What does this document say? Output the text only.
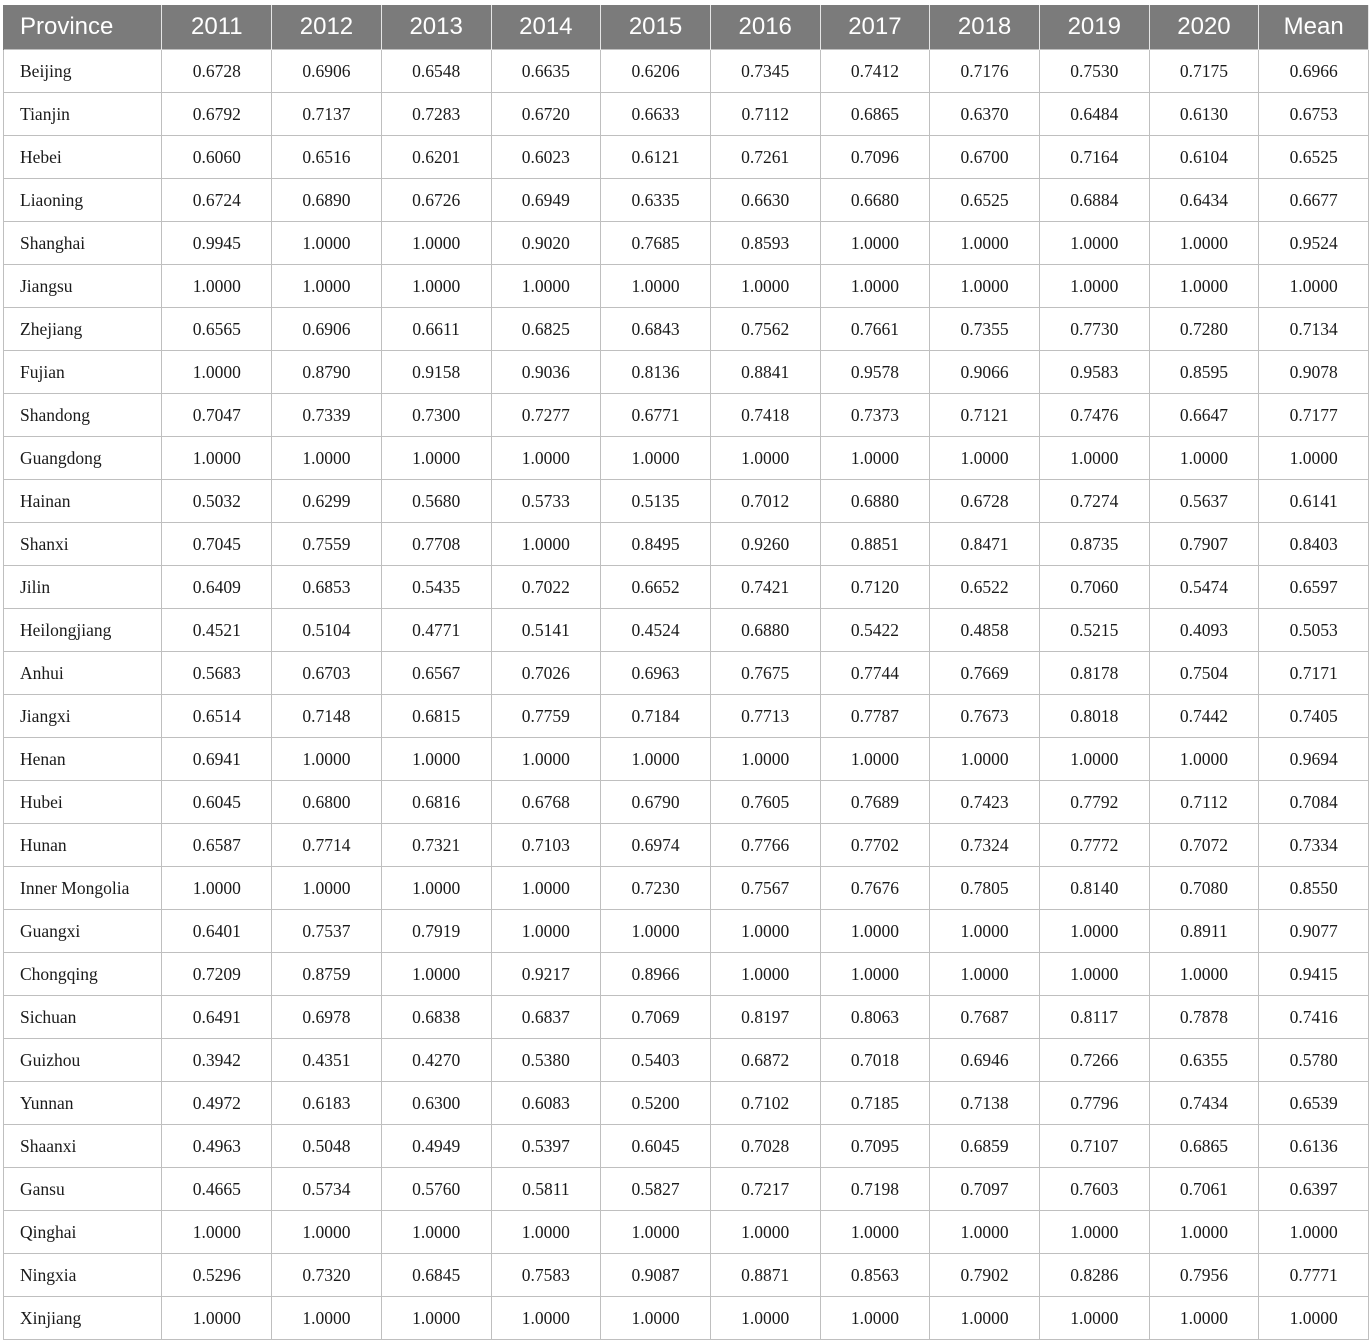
Province	2011	2012	2013	2014	2015	2016	2017	2018	2019	2020	Mean
Beijing	0.6728	0.6906	0.6548	0.6635	0.6206	0.7345	0.7412	0.7176	0.7530	0.7175	0.6966
Tianjin	0.6792	0.7137	0.7283	0.6720	0.6633	0.7112	0.6865	0.6370	0.6484	0.6130	0.6753
Hebei	0.6060	0.6516	0.6201	0.6023	0.6121	0.7261	0.7096	0.6700	0.7164	0.6104	0.6525
Liaoning	0.6724	0.6890	0.6726	0.6949	0.6335	0.6630	0.6680	0.6525	0.6884	0.6434	0.6677
Shanghai	0.9945	1.0000	1.0000	0.9020	0.7685	0.8593	1.0000	1.0000	1.0000	1.0000	0.9524
Jiangsu	1.0000	1.0000	1.0000	1.0000	1.0000	1.0000	1.0000	1.0000	1.0000	1.0000	1.0000
Zhejiang	0.6565	0.6906	0.6611	0.6825	0.6843	0.7562	0.7661	0.7355	0.7730	0.7280	0.7134
Fujian	1.0000	0.8790	0.9158	0.9036	0.8136	0.8841	0.9578	0.9066	0.9583	0.8595	0.9078
Shandong	0.7047	0.7339	0.7300	0.7277	0.6771	0.7418	0.7373	0.7121	0.7476	0.6647	0.7177
Guangdong	1.0000	1.0000	1.0000	1.0000	1.0000	1.0000	1.0000	1.0000	1.0000	1.0000	1.0000
Hainan	0.5032	0.6299	0.5680	0.5733	0.5135	0.7012	0.6880	0.6728	0.7274	0.5637	0.6141
Shanxi	0.7045	0.7559	0.7708	1.0000	0.8495	0.9260	0.8851	0.8471	0.8735	0.7907	0.8403
Jilin	0.6409	0.6853	0.5435	0.7022	0.6652	0.7421	0.7120	0.6522	0.7060	0.5474	0.6597
Heilongjiang	0.4521	0.5104	0.4771	0.5141	0.4524	0.6880	0.5422	0.4858	0.5215	0.4093	0.5053
Anhui	0.5683	0.6703	0.6567	0.7026	0.6963	0.7675	0.7744	0.7669	0.8178	0.7504	0.7171
Jiangxi	0.6514	0.7148	0.6815	0.7759	0.7184	0.7713	0.7787	0.7673	0.8018	0.7442	0.7405
Henan	0.6941	1.0000	1.0000	1.0000	1.0000	1.0000	1.0000	1.0000	1.0000	1.0000	0.9694
Hubei	0.6045	0.6800	0.6816	0.6768	0.6790	0.7605	0.7689	0.7423	0.7792	0.7112	0.7084
Hunan	0.6587	0.7714	0.7321	0.7103	0.6974	0.7766	0.7702	0.7324	0.7772	0.7072	0.7334
Inner Mongolia	1.0000	1.0000	1.0000	1.0000	0.7230	0.7567	0.7676	0.7805	0.8140	0.7080	0.8550
Guangxi	0.6401	0.7537	0.7919	1.0000	1.0000	1.0000	1.0000	1.0000	1.0000	0.8911	0.9077
Chongqing	0.7209	0.8759	1.0000	0.9217	0.8966	1.0000	1.0000	1.0000	1.0000	1.0000	0.9415
Sichuan	0.6491	0.6978	0.6838	0.6837	0.7069	0.8197	0.8063	0.7687	0.8117	0.7878	0.7416
Guizhou	0.3942	0.4351	0.4270	0.5380	0.5403	0.6872	0.7018	0.6946	0.7266	0.6355	0.5780
Yunnan	0.4972	0.6183	0.6300	0.6083	0.5200	0.7102	0.7185	0.7138	0.7796	0.7434	0.6539
Shaanxi	0.4963	0.5048	0.4949	0.5397	0.6045	0.7028	0.7095	0.6859	0.7107	0.6865	0.6136
Gansu	0.4665	0.5734	0.5760	0.5811	0.5827	0.7217	0.7198	0.7097	0.7603	0.7061	0.6397
Qinghai	1.0000	1.0000	1.0000	1.0000	1.0000	1.0000	1.0000	1.0000	1.0000	1.0000	1.0000
Ningxia	0.5296	0.7320	0.6845	0.7583	0.9087	0.8871	0.8563	0.7902	0.8286	0.7956	0.7771
Xinjiang	1.0000	1.0000	1.0000	1.0000	1.0000	1.0000	1.0000	1.0000	1.0000	1.0000	1.0000
